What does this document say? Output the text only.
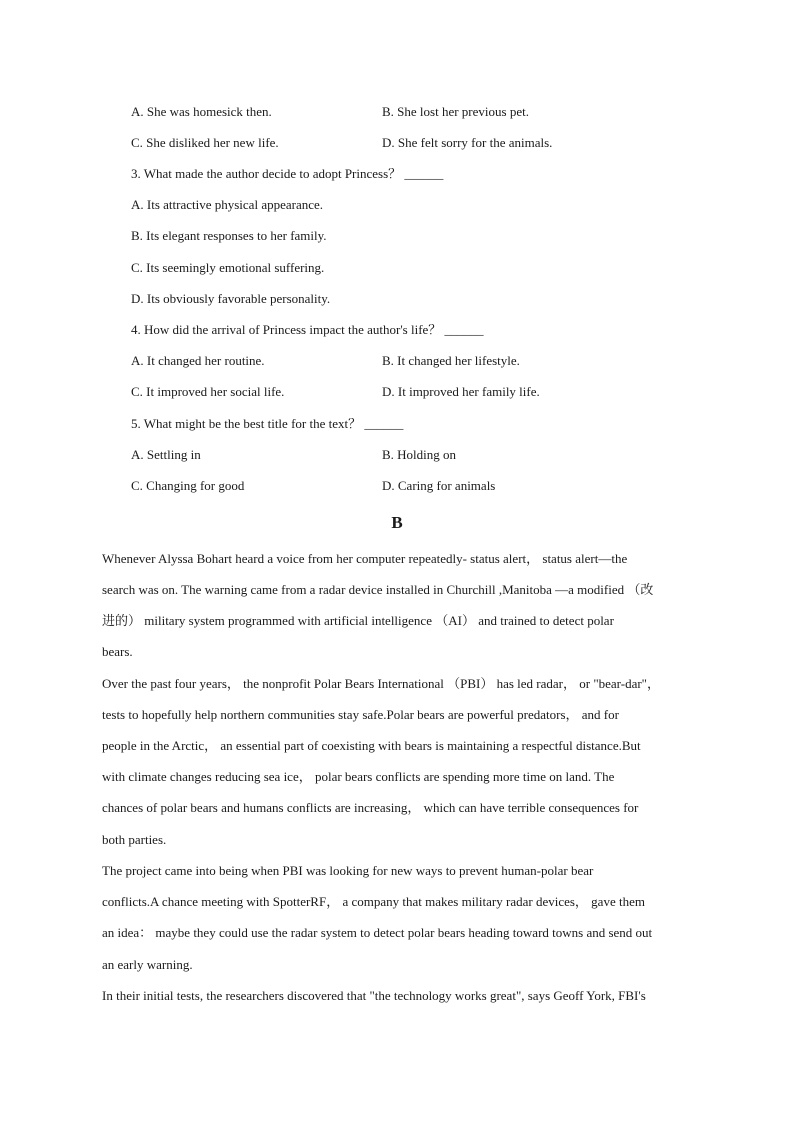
A. She was homesick then.	B. She lost her previous pet.
C. She disliked her new life.	D. She felt sorry for the animals.
3. What made the author decide to adopt Princess？ ______
A. Its attractive physical appearance.
B. Its elegant responses to her family.
C. Its seemingly emotional suffering.
D. Its obviously favorable personality.
4. How did the arrival of Princess impact the author's life？ ______
A. It changed her routine.	B. It changed her lifestyle.
C. It improved her social life.	D. It improved her family life.
5. What might be the best title for the text？ ______
A. Settling in	B. Holding on
C. Changing for good	D. Caring for animals
B
Whenever Alyssa Bohart heard a voice from her computer repeatedly- status alert， status alert—the
search was on. The warning came from a radar device installed in Churchill ,Manitoba —a modified （改
进的） military system programmed with artificial intelligence （AI） and trained to detect polar
bears.
Over the past four years， the nonprofit Polar Bears International （PBI） has led radar， or "bear-dar"，
tests to hopefully help northern communities stay safe.Polar bears are powerful predators， and for
people in the Arctic， an essential part of coexisting with bears is maintaining a respectful distance.But
with climate changes reducing sea ice， polar bears conflicts are spending more time on land. The
chances of polar bears and humans conflicts are increasing， which can have terrible consequences for
both parties.
The project came into being when PBI was looking for new ways to prevent human-polar bear
conflicts.A chance meeting with SpotterRF， a company that makes military radar devices， gave them
an idea： maybe they could use the radar system to detect polar bears heading toward towns and send out
an early warning.
In their initial tests, the researchers discovered that "the technology works great", says Geoff York, FBI's
